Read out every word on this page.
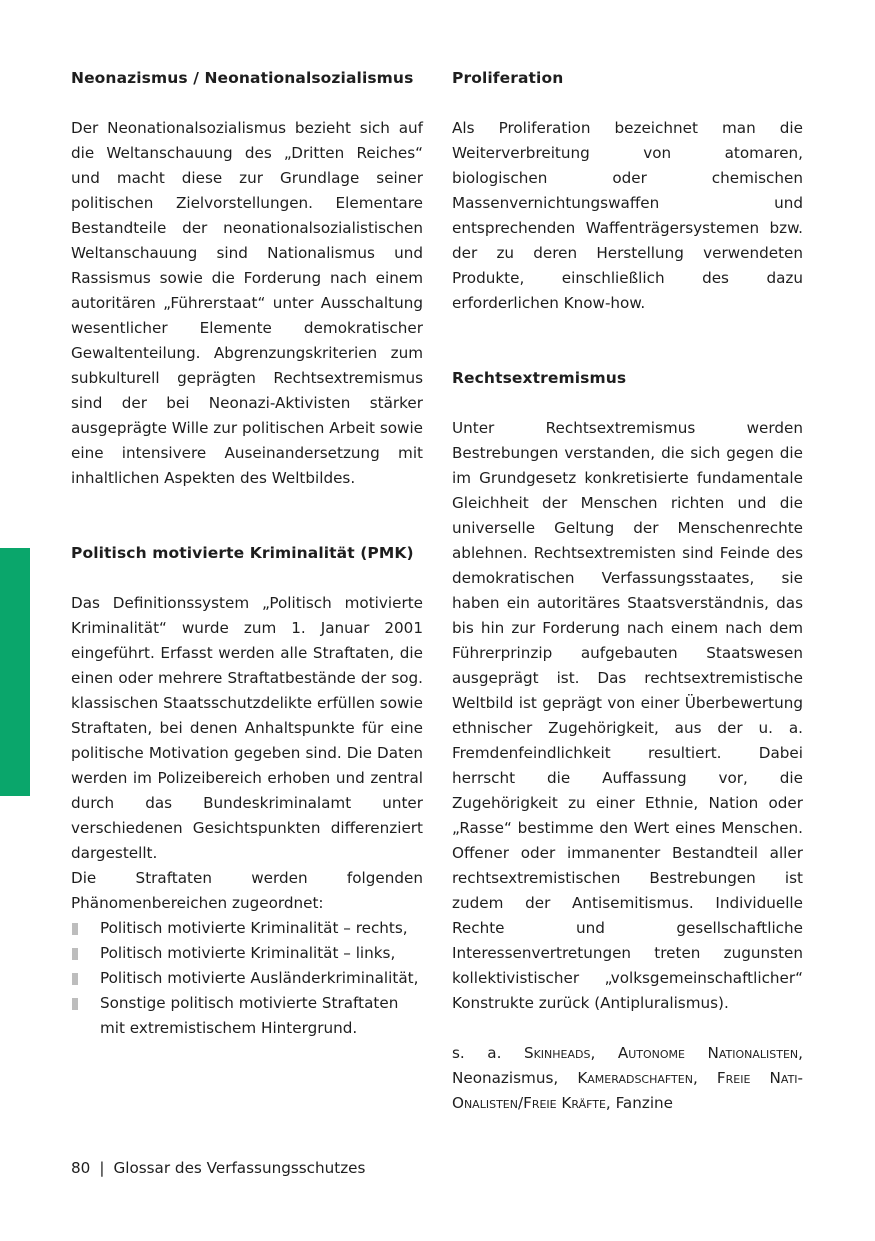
Neonazismus / Neonationalsozialismus

Der Neonationalsozialismus bezieht sich auf die Weltanschauung des „Dritten Reiches“ und macht diese zur Grundlage seiner politischen Zielvorstellungen. Elementare Bestandteile der neonationalsozialistischen Weltanschauung sind Nationalismus und Rassismus sowie die Forderung nach einem autoritären „Führerstaat“ unter Ausschaltung wesentlicher Elemente demokratischer Gewaltenteilung. Abgrenzungskriterien zum subkulturell geprägten Rechtsextremismus sind der bei Neonazi-Aktivisten stärker ausgeprägte Wille zur politischen Arbeit sowie eine intensivere Auseinandersetzung mit inhaltlichen Aspekten des Weltbildes.

Politisch motivierte Kriminalität (PMK)

Das Definitionssystem „Politisch motivierte Kriminalität“ wurde zum 1. Januar 2001 eingeführt. Erfasst werden alle Straftaten, die einen oder mehrere Straftatbestände der sog. klassischen Staatsschutzdelikte erfüllen sowie Straftaten, bei denen Anhaltspunkte für eine politische Motivation gegeben sind. Die Daten werden im Polizeibereich erhoben und zentral durch das Bundeskriminalamt unter verschiedenen Gesichtspunkten differenziert dargestellt.

Die Straftaten werden folgenden Phänomenbereichen zugeordnet:

Politisch motivierte Kriminalität – rechts,
Politisch motivierte Kriminalität – links,
Politisch motivierte Ausländerkriminalität,
Sonstige politisch motivierte Straftaten mit extremistischem Hintergrund.
Proliferation

Als Proliferation bezeichnet man die Weiterverbreitung von atomaren, biologischen oder chemischen Massenvernichtungswaffen und entsprechenden Waffenträgersystemen bzw. der zu deren Herstellung verwendeten Produkte, einschließlich des dazu erforderlichen Know-how.

Rechtsextremismus

Unter Rechtsextremismus werden Bestrebungen verstanden, die sich gegen die im Grundgesetz konkretisierte fundamentale Gleichheit der Menschen richten und die universelle Geltung der Menschenrechte ablehnen. Rechtsextremisten sind Feinde des demokratischen Verfassungsstaates, sie haben ein autoritäres Staatsverständnis, das bis hin zur Forderung nach einem nach dem Führerprinzip aufgebauten Staatswesen ausgeprägt ist. Das rechtsextremistische Weltbild ist geprägt von einer Überbewertung ethnischer Zugehörigkeit, aus der u. a. Fremdenfeindlichkeit resultiert. Dabei herrscht die Auffassung vor, die Zugehörigkeit zu einer Ethnie, Nation oder „Rasse“ bestimme den Wert eines Menschen. Offener oder immanenter Bestandteil aller rechtsextremistischen Bestrebungen ist zudem der Antisemitismus. Individuelle Rechte und gesellschaftliche Interessenvertretungen treten zugunsten kollektivistischer „volksgemeinschaftlicher“ Konstrukte zurück (Antipluralismus).

s. a. Skinheads, Autonome Nationalisten, Neonazismus, Kameradschaften, Freie Nati-Onalisten/Freie Kräfte, Fanzine

80 | Glossar des Verfassungsschutzes
